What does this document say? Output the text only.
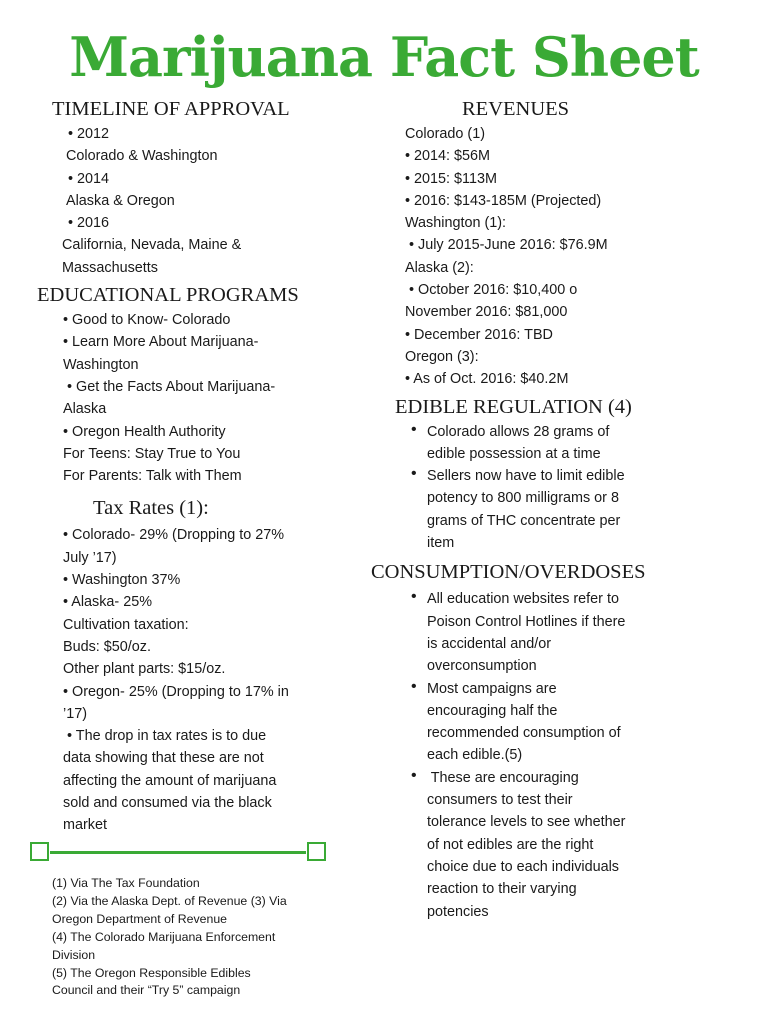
Marijuana Fact Sheet
TIMELINE OF APPROVAL
• 2012
Colorado & Washington
• 2014
Alaska & Oregon
• 2016
California, Nevada, Maine &
Massachusetts
EDUCATIONAL PROGRAMS
• Good to Know- Colorado
• Learn More About Marijuana-
Washington
• Get the Facts About Marijuana-
Alaska
• Oregon Health Authority
For Teens: Stay True to You
For Parents: Talk with Them
Tax Rates (1):
• Colorado- 29% (Dropping to 27%
July ’17)
• Washington 37%
• Alaska- 25%
Cultivation taxation:
Buds: $50/oz.
Other plant parts: $15/oz.
• Oregon- 25% (Dropping to 17% in
’17)
• The drop in tax rates is to due
data showing that these are not
affecting the amount of marijuana
sold and consumed via the black
market
(1) Via The Tax Foundation
(2) Via the Alaska Dept. of Revenue (3) Via
Oregon Department of Revenue
(4) The Colorado Marijuana Enforcement
Division
(5) The Oregon Responsible Edibles
Council and their “Try 5” campaign
REVENUES
Colorado (1)
• 2014: $56M
• 2015: $113M
• 2016: $143-185M (Projected)
Washington (1):
• July 2015-June 2016: $76.9M
Alaska (2):
• October 2016: $10,400 o
November 2016: $81,000
• December 2016: TBD
Oregon (3):
• As of Oct. 2016: $40.2M
EDIBLE REGULATION (4)
• Colorado allows 28 grams of
edible possession at a time
• Sellers now have to limit edible
potency to 800 milligrams or 8
grams of THC concentrate per
item
CONSUMPTION/OVERDOSES
• All education websites refer to
Poison Control Hotlines if there
is accidental and/or
overconsumption
• Most campaigns are
encouraging half the
recommended consumption of
each edible.(5)
•  These are encouraging
consumers to test their
tolerance levels to see whether
of not edibles are the right
choice due to each individuals
reaction to their varying
potencies
